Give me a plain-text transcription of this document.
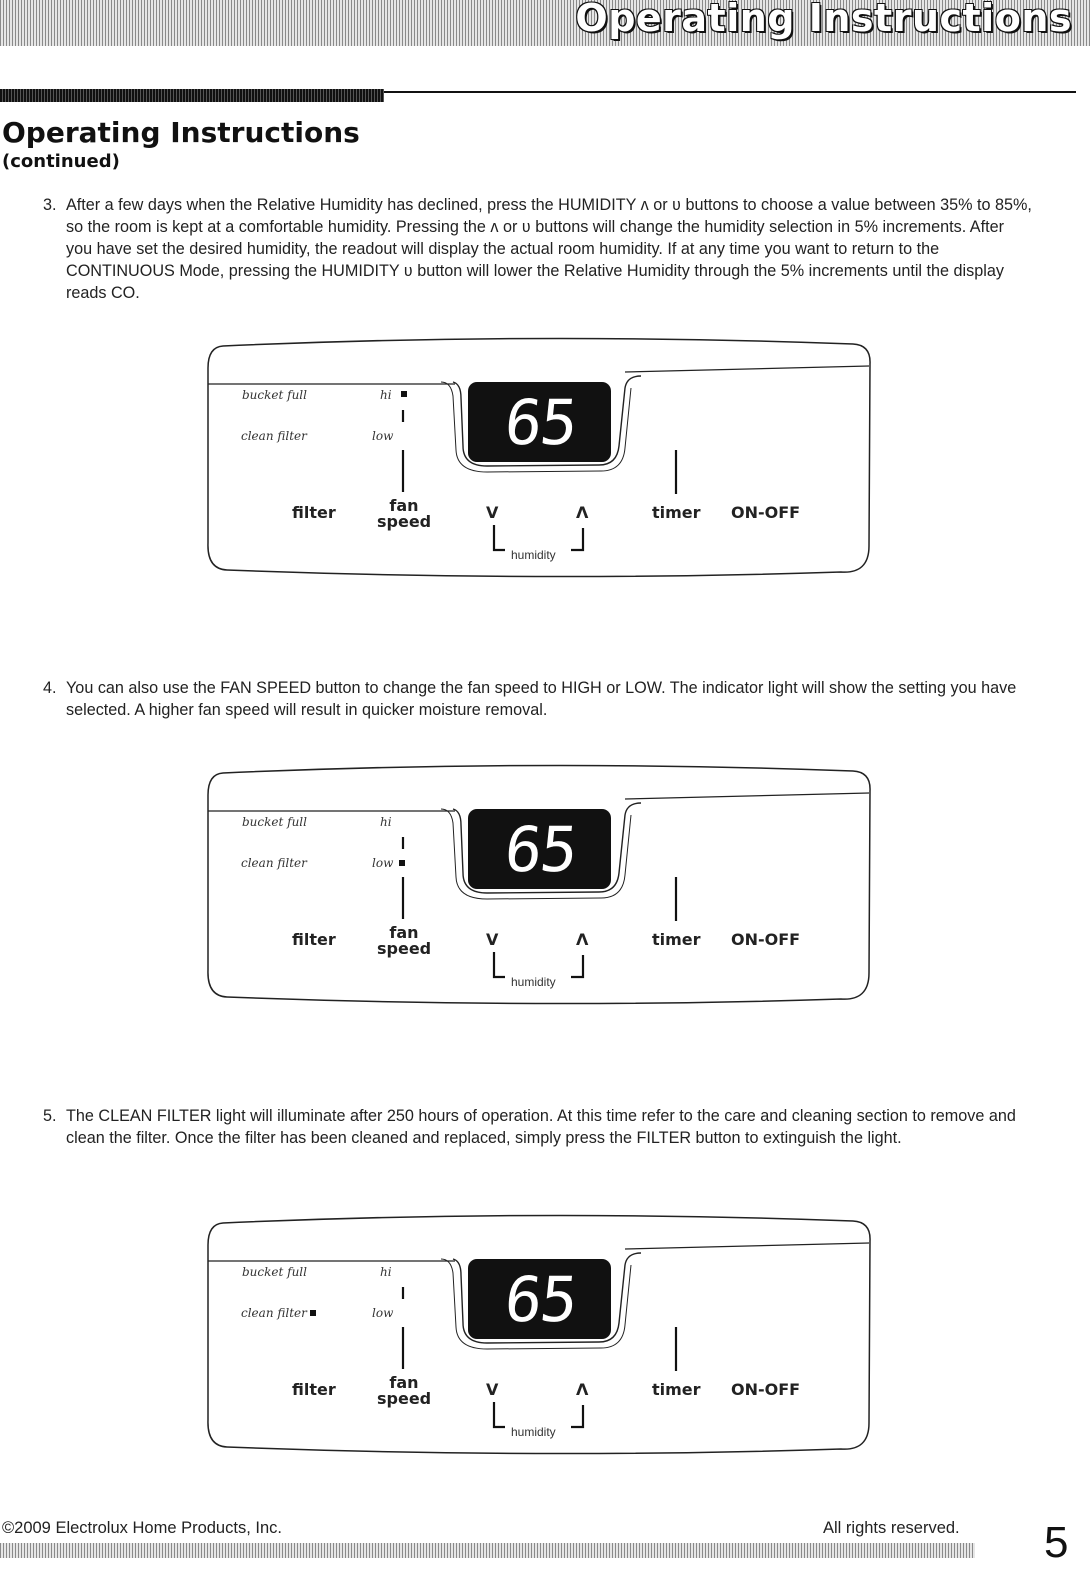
Operating Instructions
Operating Instructions
(continued)
3. After a few days when the Relative Humidity has declined, press the HUMIDITY ʌ or ʋ buttons to choose a value between 35% to 85%, so the room is kept at a comfortable humidity. Pressing the ʌ or ʋ buttons will change the humidity selection in 5% increments. After you have set the desired humidity, the readout will display the actual room humidity. If at any time you want to return to the CONTINUOUS Mode, pressing the HUMIDITY ʋ button will lower the Relative Humidity through the 5% increments until the display reads CO.
65
bucket full
clean filter
hi
low
filter	fan
speed	V	Λ
humidity
timer ON-OFF
4. You can also use the FAN SPEED button to change the fan speed to HIGH or LOW. The indicator light will show the setting you have selected. A higher fan speed will result in quicker moisture removal.
65
bucket full
clean filter
hi
low
filter	fan
speed	V	Λ
humidity
timer ON-OFF
5. The CLEAN FILTER light will illuminate after 250 hours of operation. At this time refer to the care and cleaning section to remove and clean the filter. Once the filter has been cleaned and replaced, simply press the FILTER button to extinguish the light.
65
bucket full
clean filter
hi
low
filter	fan
speed	V	Λ
humidity
timer ON-OFF
©2009 Electrolux Home Products, Inc.	All rights reserved. 5
